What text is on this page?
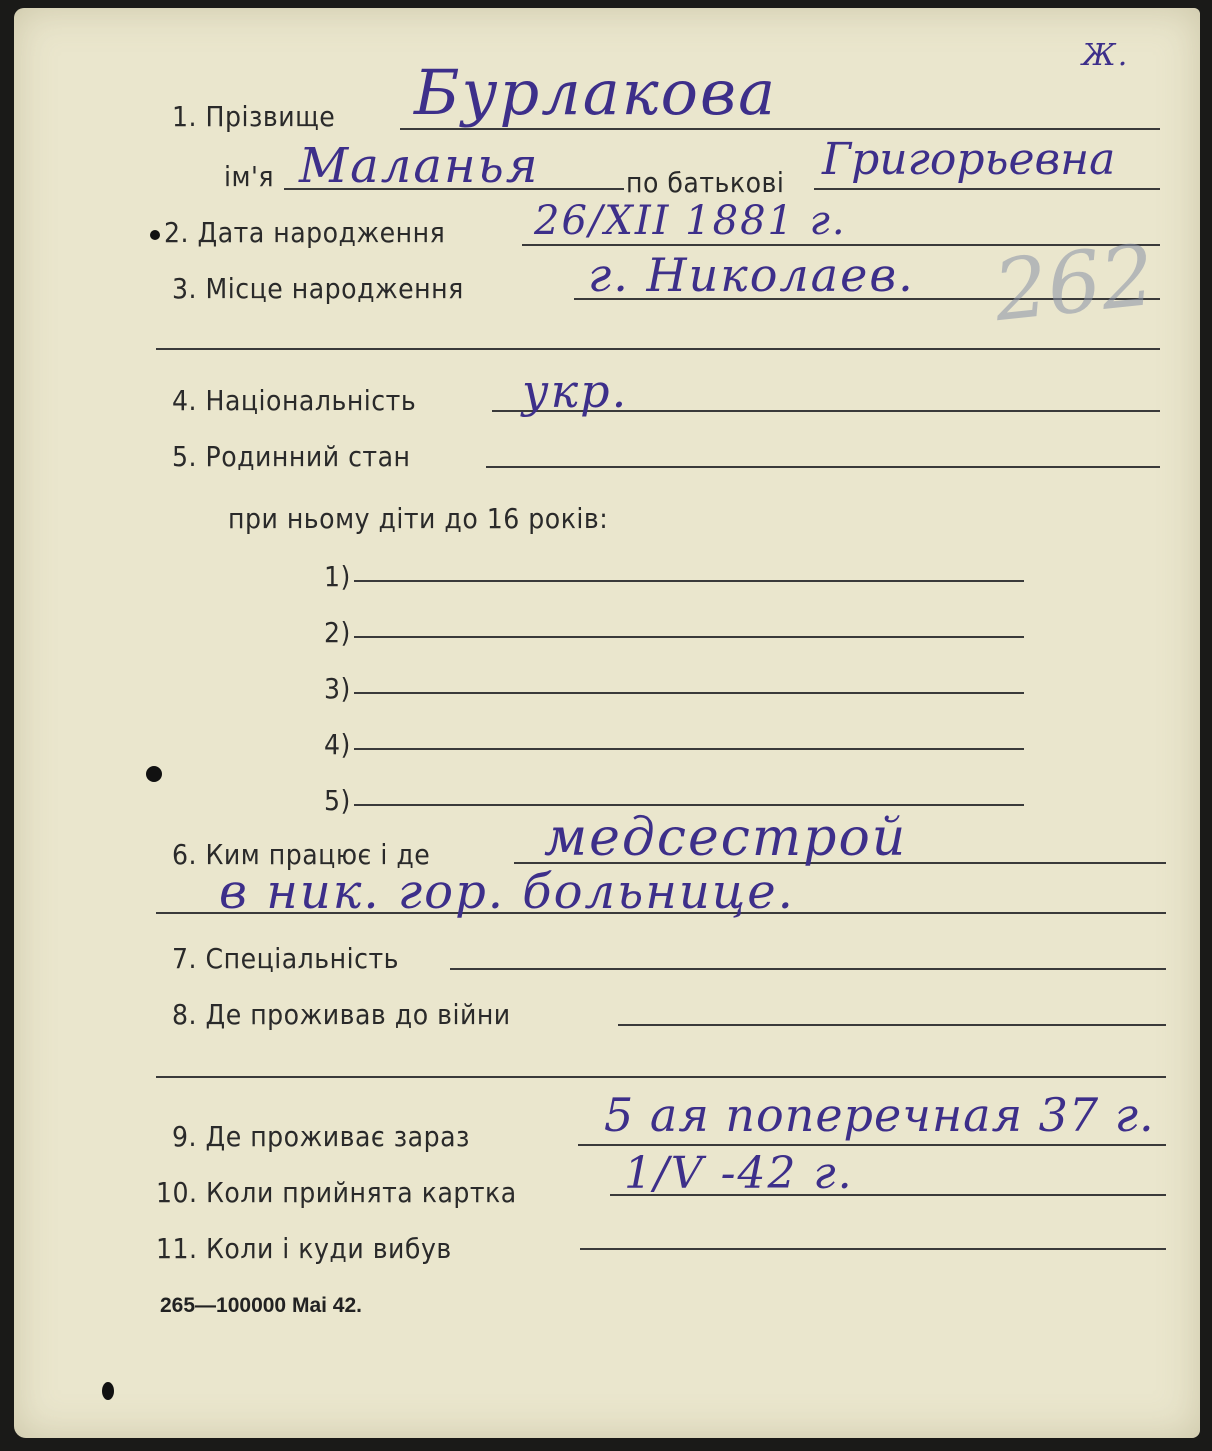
Ж.
1. Прізвище Бурлакова
ім'я Маланья	по батькові Григорьевна
2. Дата народження 26/XII 1881 г.
3. Місце народження	г. Николаев. 262
4. Національність укр.
5. Родинний стан
при ньому діти до 16 років:
1)
2)
3)
4)
5)
6. Ким працює і де медсестрой
в ник. гор. больнице.
7. Спеціальність
8. Де проживав до війни
9. Де проживає зараз	5 ая поперечная 37 г.
10. Коли прийнята картка 1/V -42 г.
11. Коли і куди вибув
265—100000 Mai 42.
